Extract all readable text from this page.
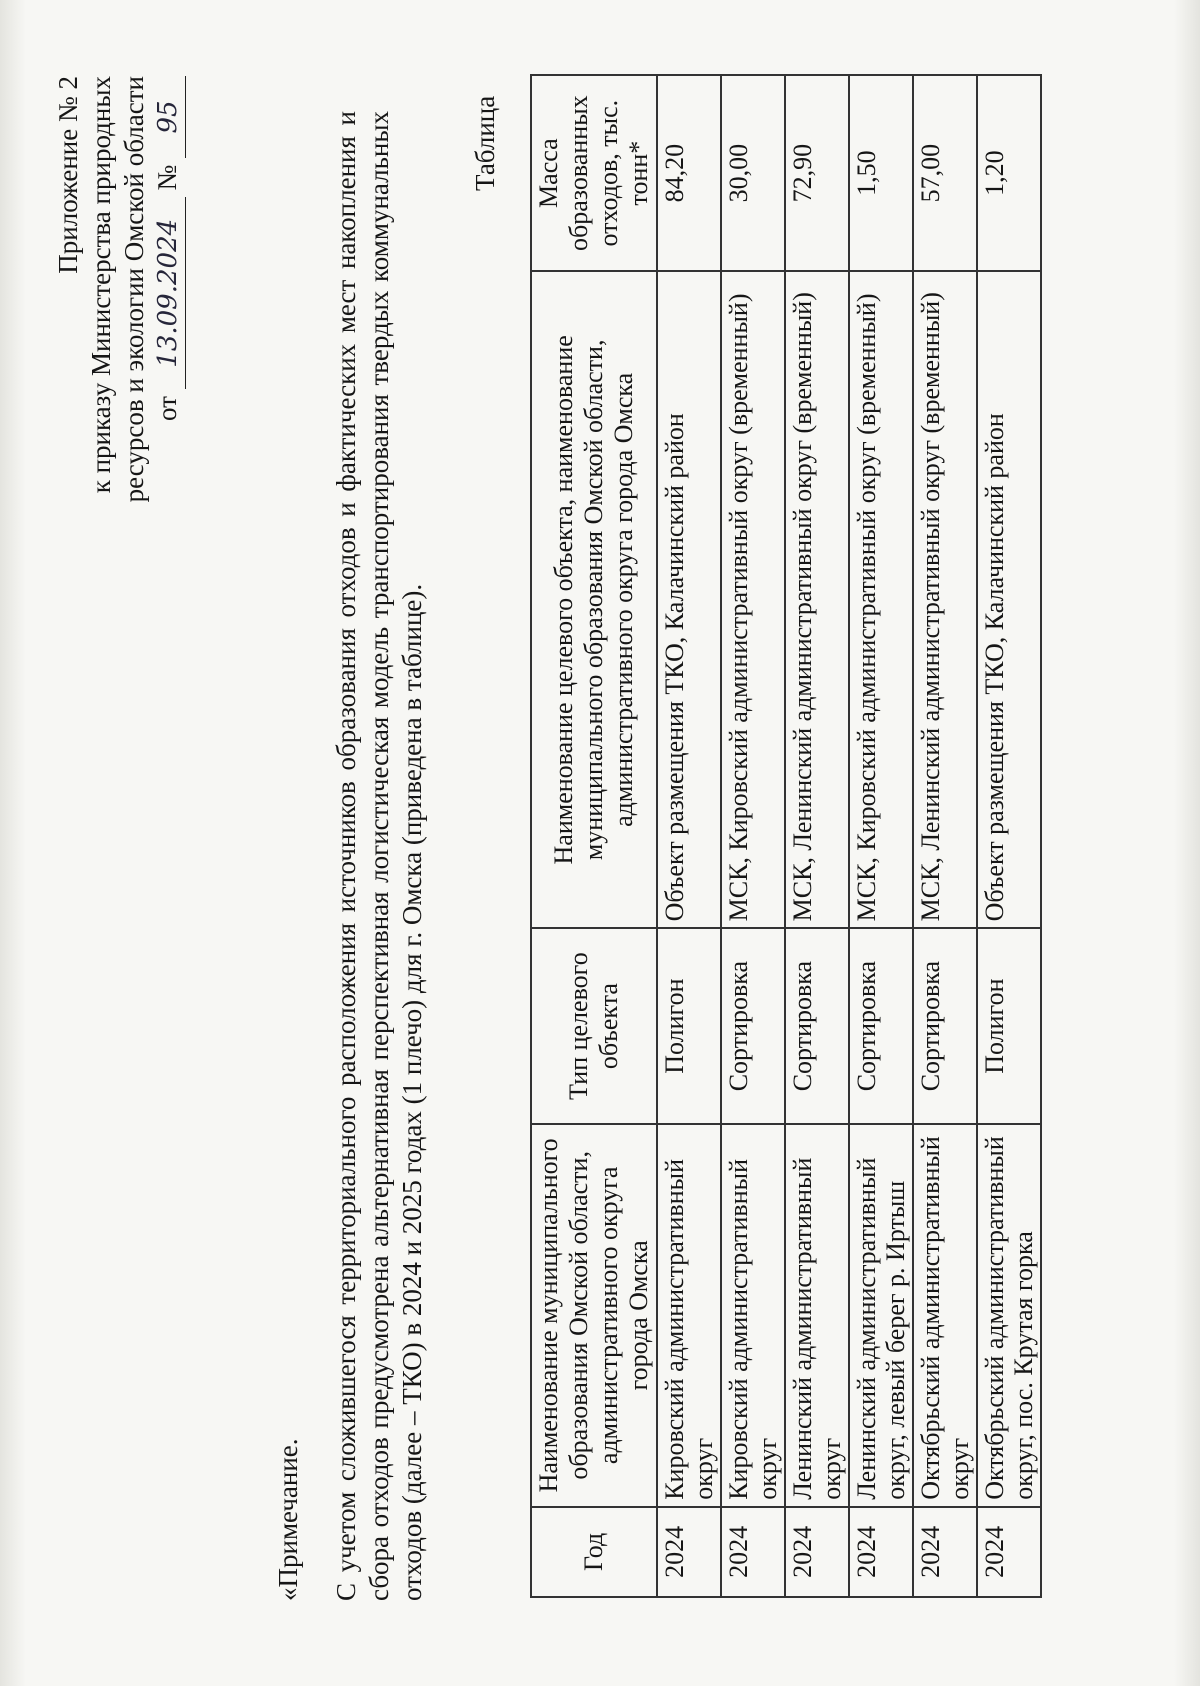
Приложение № 2 к приказу Министерства природных ресурсов и экологии Омской области от 13.09.2024 № 95
«Примечание. С учетом сложившегося территориального расположения источников образования отходов и фактических мест накопления и сбора отходов предусмотрена альтернативная перспективная логистическая модель транспортирования твердых коммунальных отходов (далее – ТКО) в 2024 и 2025 годах (1 плечо) для г. Омска (приведена в таблице).
Таблица
Год	Наименование муниципального образования Омской области, административного округа города Омска	Тип целевого объекта	Наименование целевого объекта, наименование муниципального образования Омской области, административного округа города Омска	Масса образованных отходов, тыс. тонн*
2024	Кировский административный округ	Полигон	Объект размещения ТКО, Калачинский район	84,20
2024	Кировский административный округ	Сортировка	МСК, Кировский административный округ (временный)	30,00
2024	Ленинский административный округ	Сортировка	МСК, Ленинский административный округ (временный)	72,90
2024	Ленинский административный округ, левый берег р. Иртыш	Сортировка	МСК, Кировский административный округ (временный)	1,50
2024	Октябрьский административный округ	Сортировка	МСК, Ленинский административный округ (временный)	57,00
2024	Октябрьский административный округ, пос. Крутая горка	Полигон	Объект размещения ТКО, Калачинский район	1,20
